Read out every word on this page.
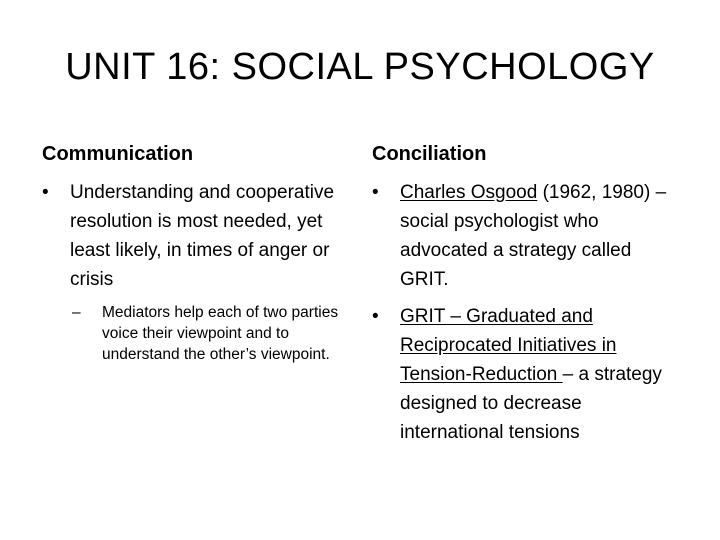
UNIT 16: SOCIAL PSYCHOLOGY
Communication
•	Understanding and cooperative resolution is most needed, yet least likely, in times of anger or crisis
–	Mediators help each of two parties voice their viewpoint and to understand the other’s viewpoint.
Conciliation
•	Charles Osgood (1962, 1980) – social psychologist who advocated a strategy called GRIT.
•	GRIT – Graduated and Reciprocated Initiatives in Tension-Reduction – a strategy designed to decrease international tensions
